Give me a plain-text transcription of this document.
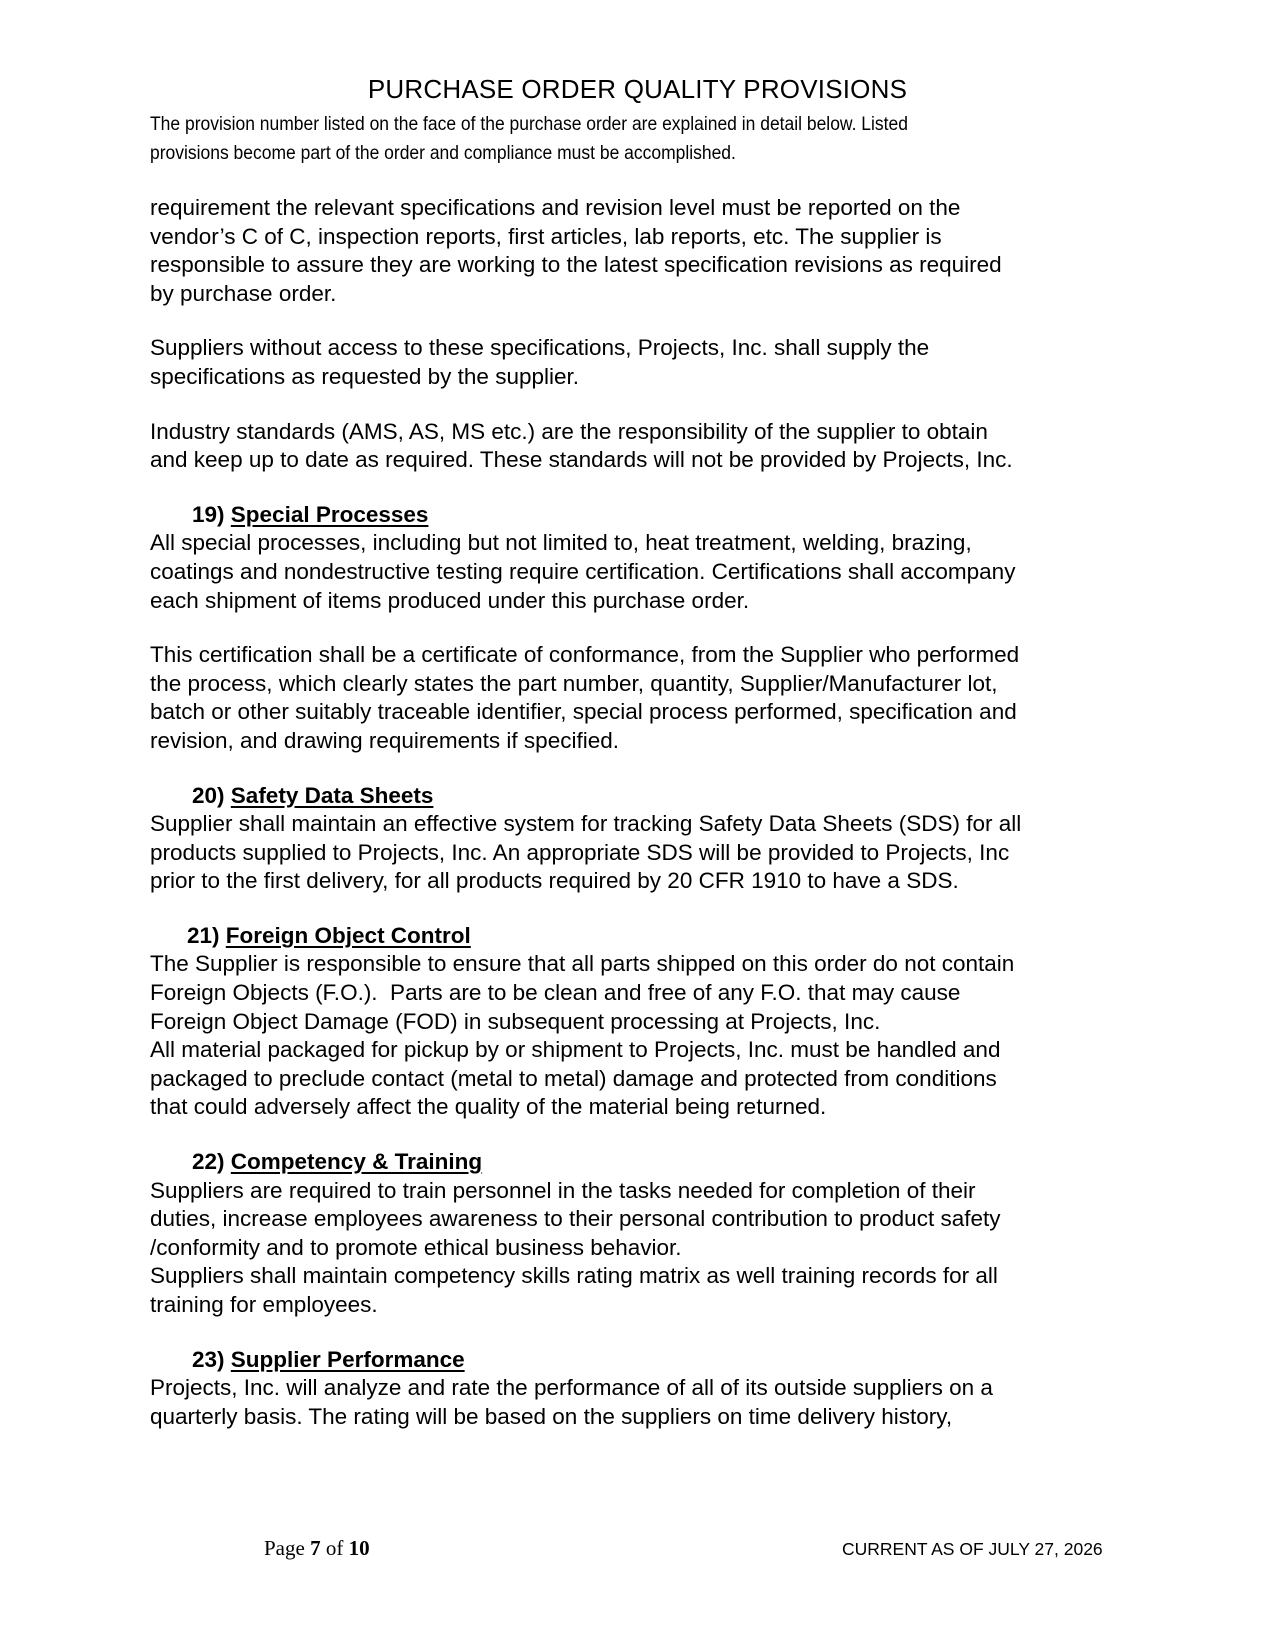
PURCHASE ORDER QUALITY PROVISIONS
The provision number listed on the face of the purchase order are explained in detail below. Listed
provisions become part of the order and compliance must be accomplished.
requirement the relevant specifications and revision level must be reported on the
vendor’s C of C, inspection reports, first articles, lab reports, etc. The supplier is
responsible to assure they are working to the latest specification revisions as required
by purchase order.
Suppliers without access to these specifications, Projects, Inc. shall supply the
specifications as requested by the supplier.
Industry standards (AMS, AS, MS etc.) are the responsibility of the supplier to obtain
and keep up to date as required. These standards will not be provided by Projects, Inc.
19) Special Processes
All special processes, including but not limited to, heat treatment, welding, brazing,
coatings and nondestructive testing require certification. Certifications shall accompany
each shipment of items produced under this purchase order.
This certification shall be a certificate of conformance, from the Supplier who performed
the process, which clearly states the part number, quantity, Supplier/Manufacturer lot,
batch or other suitably traceable identifier, special process performed, specification and
revision, and drawing requirements if specified.
20) Safety Data Sheets
Supplier shall maintain an effective system for tracking Safety Data Sheets (SDS) for all
products supplied to Projects, Inc. An appropriate SDS will be provided to Projects, Inc
prior to the first delivery, for all products required by 20 CFR 1910 to have a SDS.
21) Foreign Object Control
The Supplier is responsible to ensure that all parts shipped on this order do not contain
Foreign Objects (F.O.).  Parts are to be clean and free of any F.O. that may cause
Foreign Object Damage (FOD) in subsequent processing at Projects, Inc.
All material packaged for pickup by or shipment to Projects, Inc. must be handled and
packaged to preclude contact (metal to metal) damage and protected from conditions
that could adversely affect the quality of the material being returned.
22) Competency & Training
Suppliers are required to train personnel in the tasks needed for completion of their
duties, increase employees awareness to their personal contribution to product safety
/conformity and to promote ethical business behavior.
Suppliers shall maintain competency skills rating matrix as well training records for all
training for employees.
23) Supplier Performance
Projects, Inc. will analyze and rate the performance of all of its outside suppliers on a
quarterly basis. The rating will be based on the suppliers on time delivery history,
Page 7 of 10	CURRENT AS OF JULY 27, 2026
